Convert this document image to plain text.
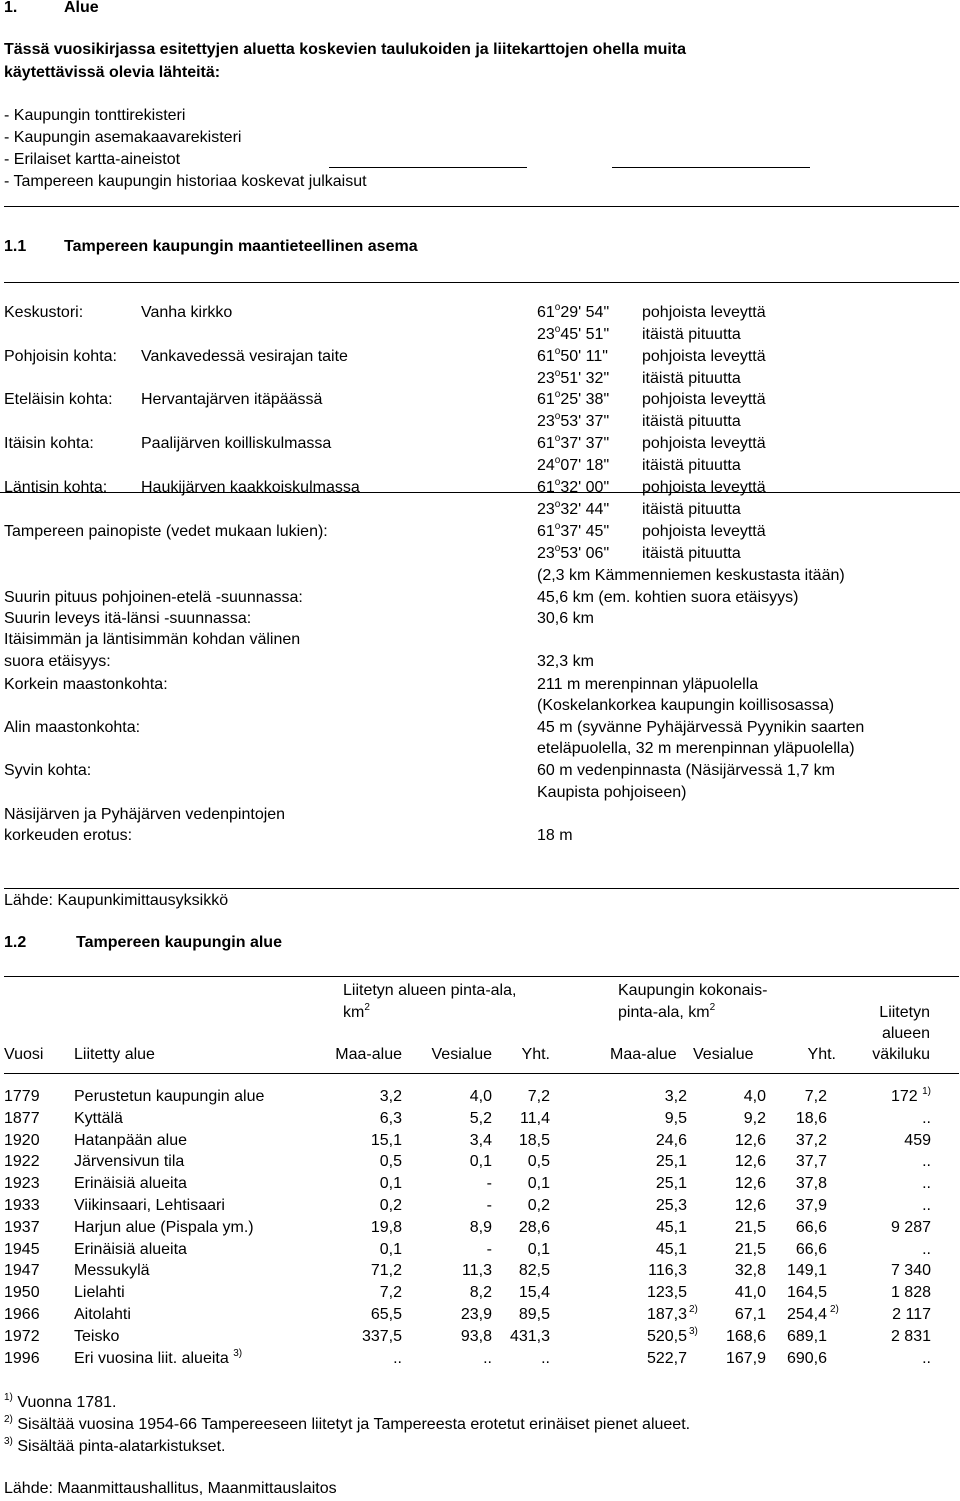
1.	Alue
Tässä vuosikirjassa esitettyjen aluetta koskevien taulukoiden ja liitekarttojen ohella muita
käytettävissä olevia lähteitä:
- Kaupungin tonttirekisteri
- Kaupungin asemakaavarekisteri
- Erilaiset kartta-aineistot
- Tampereen kaupungin historiaa koskevat julkaisut
1.1 Tampereen kaupungin maantieteellinen asema
Keskustori:	Vanha kirkko	61$^o$29' 54" pohjoista leveyttä
23$^o$45' 51" itäistä pituutta
Pohjoisin kohta: Vankavedessä vesirajan taite	61$^o$50' 11" pohjoista leveyttä
23$^o$51' 32" itäistä pituutta
Eteläisin kohta: Hervantajärven itäpäässä	61$^o$25' 38" pohjoista leveyttä
23$^o$53' 37" itäistä pituutta
Itäisin kohta:	Paalijärven koilliskulmassa	61$^o$37' 37" pohjoista leveyttä
24$^o$07' 18" itäistä pituutta
Läntisin kohta: Haukijärven kaakkoiskulmassa	61$^o$32' 00" pohjoista leveyttä
23$^o$32' 44" itäistä pituutta
Tampereen painopiste (vedet mukaan lukien):	61$^o$37' 45" pohjoista leveyttä
23$^o$53' 06" itäistä pituutta
(2,3 km Kämmenniemen keskustasta itään)
Suurin pituus pohjoinen-etelä -suunnassa:	45,6 km (em. kohtien suora etäisyys)
Suurin leveys itä-länsi -suunnassa:	30,6 km
Itäisimmän ja läntisimmän kohdan välinen
suora etäisyys:	32,3 km
Korkein maastonkohta:	211 m merenpinnan yläpuolella
(Koskelankorkea kaupungin koillisosassa)
Alin maastonkohta:	45 m (syvänne Pyhäjärvessä Pyynikin saarten
eteläpuolella, 32 m merenpinnan yläpuolella)
Syvin kohta:	60 m vedenpinnasta (Näsijärvessä 1,7 km
Kaupista pohjoiseen)
Näsijärven ja Pyhäjärven vedenpintojen
korkeuden erotus:	18 m
Lähde: Kaupunkimittausyksikkö
1.2	Tampereen kaupungin alue
Liitetyn alueen pinta-ala,
$km^2$
Kaupungin kokonais-
pinta-ala, $km^2$	Liitetyn
alueen
väkiluku
Vuosi Liitetty alue	Maa-alue	Vesialue	Yht.	Maa-alue Vesialue	Yht.
1779 Perustetun kaupungin alue	3,2	4,0	7,2	3,2	4,0	7,2	172 $^{1)}$
1877 Kyttälä	6,3	5,2	11,4	9,5	9,2	18,6	..
1920 Hatanpään alue	15,1	3,4	18,5	24,6	12,6	37,2	459
1922 Järvensivun tila	0,5	0,1	0,5	25,1	12,6	37,7	..
1923 Erinäisiä alueita	0,1	-	0,1	25,1	12,6	37,8	..
1933 Viikinsaari, Lehtisaari	0,2	-	0,2	25,3	12,6	37,9	..
1937 Harjun alue (Pispala ym.)	19,8	8,9	28,6	45,1	21,5	66,6	9 287
1945 Erinäisiä alueita	0,1	-	0,1	45,1	21,5	66,6	..
1947 Messukylä	71,2	11,3	82,5	116,3	32,8	149,1	7 340
1950 Lielahti	7,2	8,2	15,4	123,5	41,0	164,5	1 828
1966 Aitolahti	65,5	23,9	89,5	187,3 $^{2)}$	67,1	254,4 $^{2)}$	2 117
1972 Teisko	337,5	93,8	431,3	520,5 $^{3)}$	168,6	689,1	2 831
1996 Eri vuosina liit. alueita $^{3)}$	..	..	..	522,7	167,9	690,6	..
$^{1)}$ Vuonna 1781.
$^{2)}$ Sisältää vuosina 1954-66 Tampereeseen liitetyt ja Tampereesta erotetut erinäiset pienet alueet.
$^{3)}$ Sisältää pinta-alatarkistukset.
Lähde: Maanmittaushallitus, Maanmittauslaitos
